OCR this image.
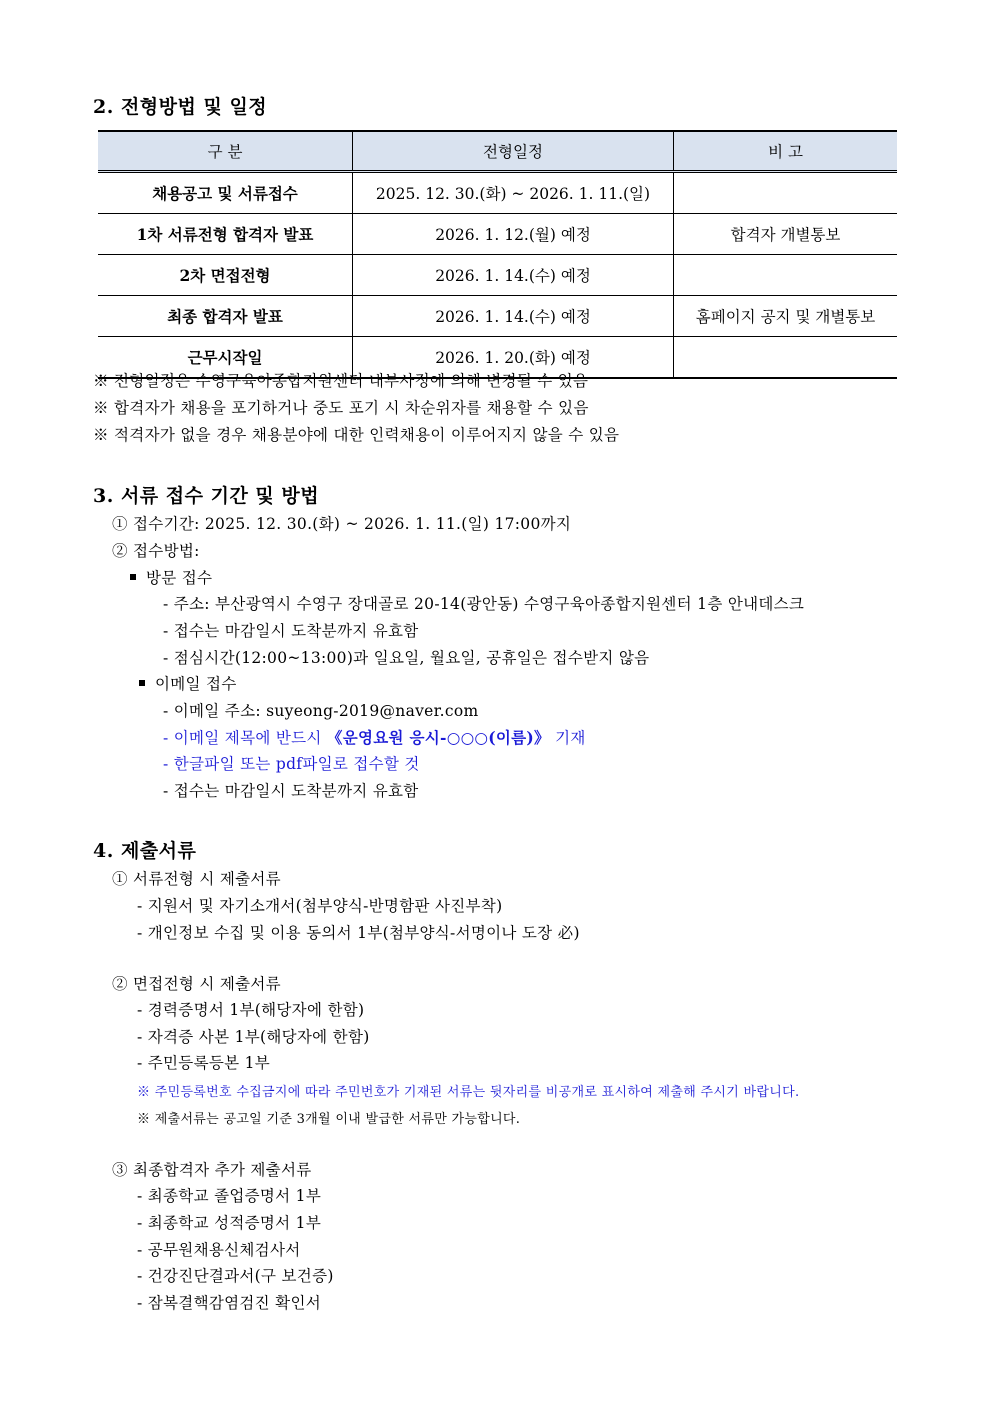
2. 전형방법 및 일정
구 분	전형일정	비 고
채용공고 및 서류접수	2025. 12. 30.(화) ~ 2026. 1. 11.(일)	
1차 서류전형 합격자 발표	2026. 1. 12.(월) 예정	합격자 개별통보
2차 면접전형	2026. 1. 14.(수) 예정	
최종 합격자 발표	2026. 1. 14.(수) 예정	홈페이지 공지 및 개별통보
근무시작일	2026. 1. 20.(화) 예정	
※ 전형일정은 수영구육아종합지원센터 내부사정에 의해 변경될 수 있음
※ 합격자가 채용을 포기하거나 중도 포기 시 차순위자를 채용할 수 있음
※ 적격자가 없을 경우 채용분야에 대한 인력채용이 이루어지지 않을 수 있음
3. 서류 접수 기간 및 방법
① 접수기간: 2025. 12. 30.(화) ~ 2026. 1. 11.(일) 17:00까지
② 접수방법:
방문 접수
- 주소: 부산광역시 수영구 장대골로 20-14(광안동) 수영구육아종합지원센터 1층 안내데스크
- 접수는 마감일시 도착분까지 유효함
- 점심시간(12:00~13:00)과 일요일, 월요일, 공휴일은 접수받지 않음
이메일 접수
- 이메일 주소: suyeong-2019@naver.com
- 이메일 제목에 반드시 《운영요원 응시-○○○(이름)》 기재
- 한글파일 또는 pdf파일로 접수할 것
- 접수는 마감일시 도착분까지 유효함
4. 제출서류
① 서류전형 시 제출서류
- 지원서 및 자기소개서(첨부양식-반명함판 사진부착)
- 개인정보 수집 및 이용 동의서 1부(첨부양식-서명이나 도장 必)
② 면접전형 시 제출서류
- 경력증명서 1부(해당자에 한함)
- 자격증 사본 1부(해당자에 한함)
- 주민등록등본 1부
※ 주민등록번호 수집금지에 따라 주민번호가 기재된 서류는 뒷자리를 비공개로 표시하여 제출해 주시기 바랍니다.
※ 제출서류는 공고일 기준 3개월 이내 발급한 서류만 가능합니다.
③ 최종합격자 추가 제출서류
- 최종학교 졸업증명서 1부
- 최종학교 성적증명서 1부
- 공무원채용신체검사서
- 건강진단결과서(구 보건증)
- 잠복결핵감염검진 확인서
